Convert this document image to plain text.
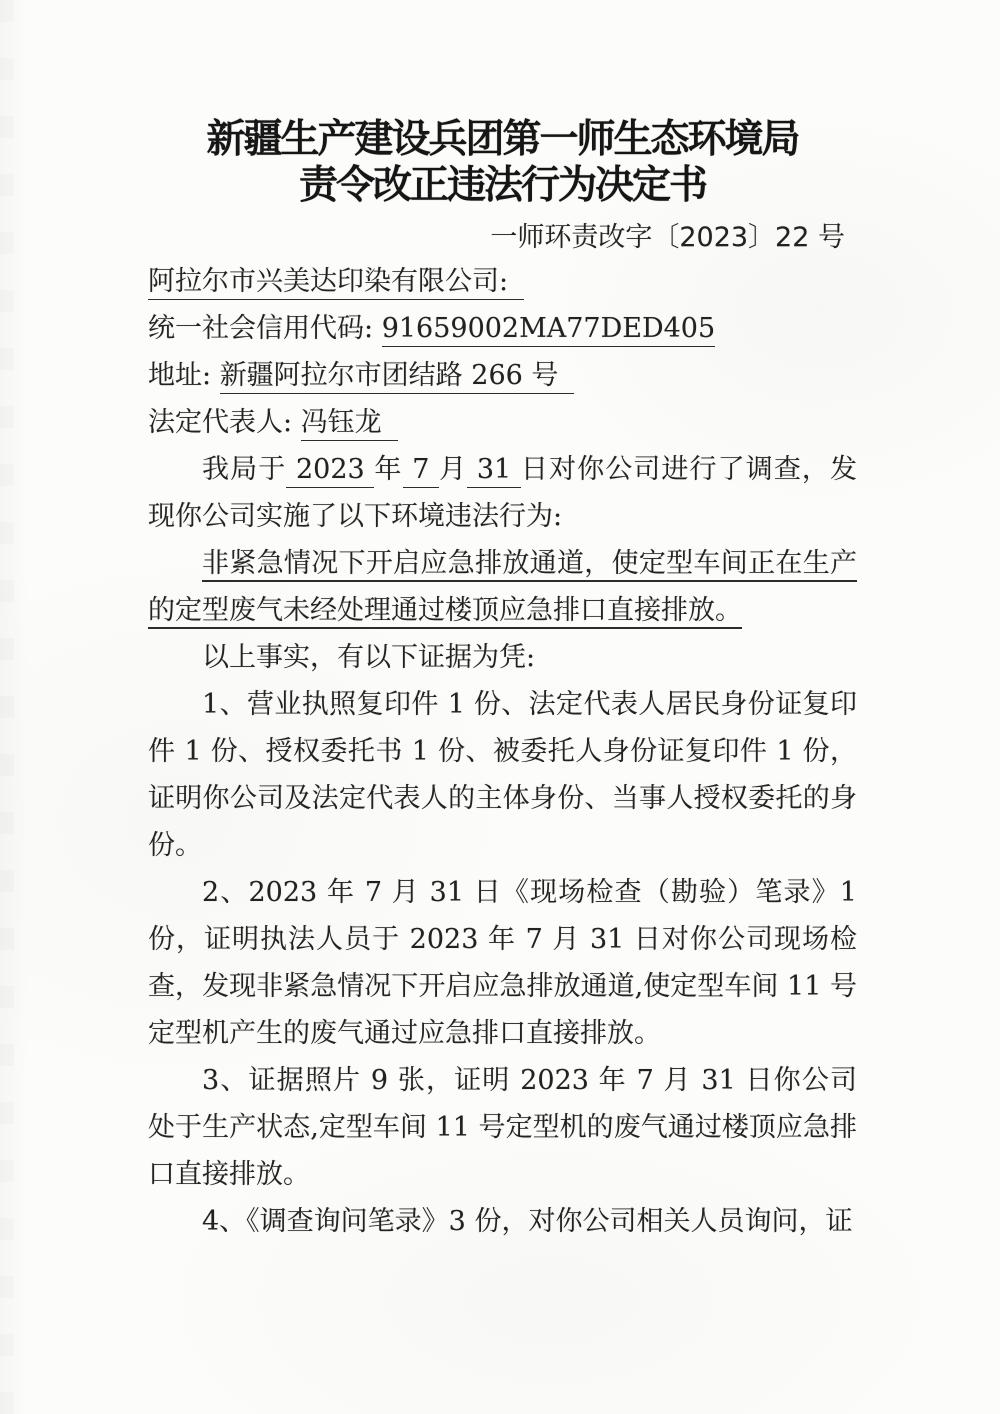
新疆生产建设兵团第一师生态环境局
责令改正违法行为决定书
一师环责改字〔2023〕22 号

阿拉尔市兴美达印染有限公司:

统一社会信用代码: 91659002MA77DED405

地址: 新疆阿拉尔市团结路 266 号

法定代表人: 冯钰龙

我局于 2023 年 7 月 31 日对你公司进行了调查，发现你公司实施了以下环境违法行为:

非紧急情况下开启应急排放通道，使定型车间正在生产的定型废气未经处理通过楼顶应急排口直接排放。

以上事实，有以下证据为凭:

1、营业执照复印件 1 份、法定代表人居民身份证复印件 1 份、授权委托书 1 份、被委托人身份证复印件 1 份，证明你公司及法定代表人的主体身份、当事人授权委托的身份。

2、2023 年 7 月 31 日《现场检查（勘验）笔录》1 份，证明执法人员于 2023 年 7 月 31 日对你公司现场检查，发现非紧急情况下开启应急排放通道,使定型车间 11 号定型机产生的废气通过应急排口直接排放。

3、证据照片 9 张，证明 2023 年 7 月 31 日你公司处于生产状态,定型车间 11 号定型机的废气通过楼顶应急排口直接排放。

4、《调查询问笔录》3 份，对你公司相关人员询问，证
